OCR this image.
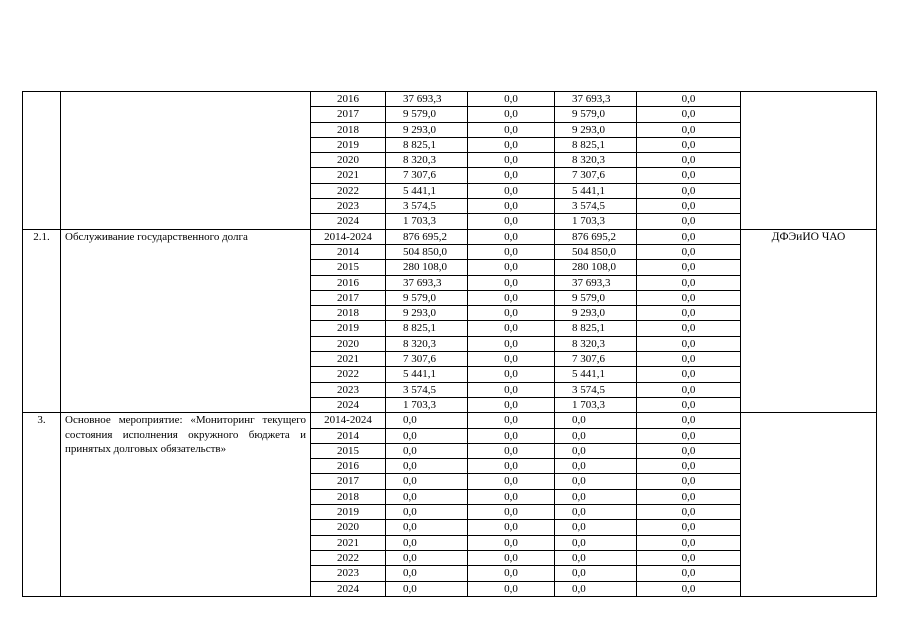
		2016	37 693,3	0,0	37 693,3	0,0	
		2017	9 579,0	0,0	9 579,0	0,0	
		2018	9 293,0	0,0	9 293,0	0,0	
		2019	8 825,1	0,0	8 825,1	0,0	
		2020	8 320,3	0,0	8 320,3	0,0	
		2021	7 307,6	0,0	7 307,6	0,0	
		2022	5 441,1	0,0	5 441,1	0,0	
		2023	3 574,5	0,0	3 574,5	0,0	
		2024	1 703,3	0,0	1 703,3	0,0	
2.1.	Обслуживание государственного долга	2014-2024	876 695,2	0,0	876 695,2	0,0	ДФЭиИО ЧАО
		2014	504 850,0	0,0	504 850,0	0,0	
		2015	280 108,0	0,0	280 108,0	0,0	
		2016	37 693,3	0,0	37 693,3	0,0	
		2017	9 579,0	0,0	9 579,0	0,0	
		2018	9 293,0	0,0	9 293,0	0,0	
		2019	8 825,1	0,0	8 825,1	0,0	
		2020	8 320,3	0,0	8 320,3	0,0	
		2021	7 307,6	0,0	7 307,6	0,0	
		2022	5 441,1	0,0	5 441,1	0,0	
		2023	3 574,5	0,0	3 574,5	0,0	
		2024	1 703,3	0,0	1 703,3	0,0	
3.	Основное мероприятие: «Мониторинг текущего состояния исполнения окружного бюджета и принятых долговых обязательств»	2014-2024	0,0	0,0	0,0	0,0	
		2014	0,0	0,0	0,0	0,0	
		2015	0,0	0,0	0,0	0,0	
		2016	0,0	0,0	0,0	0,0	
		2017	0,0	0,0	0,0	0,0	
		2018	0,0	0,0	0,0	0,0	
		2019	0,0	0,0	0,0	0,0	
		2020	0,0	0,0	0,0	0,0	
		2021	0,0	0,0	0,0	0,0	
		2022	0,0	0,0	0,0	0,0	
		2023	0,0	0,0	0,0	0,0	
		2024	0,0	0,0	0,0	0,0	
